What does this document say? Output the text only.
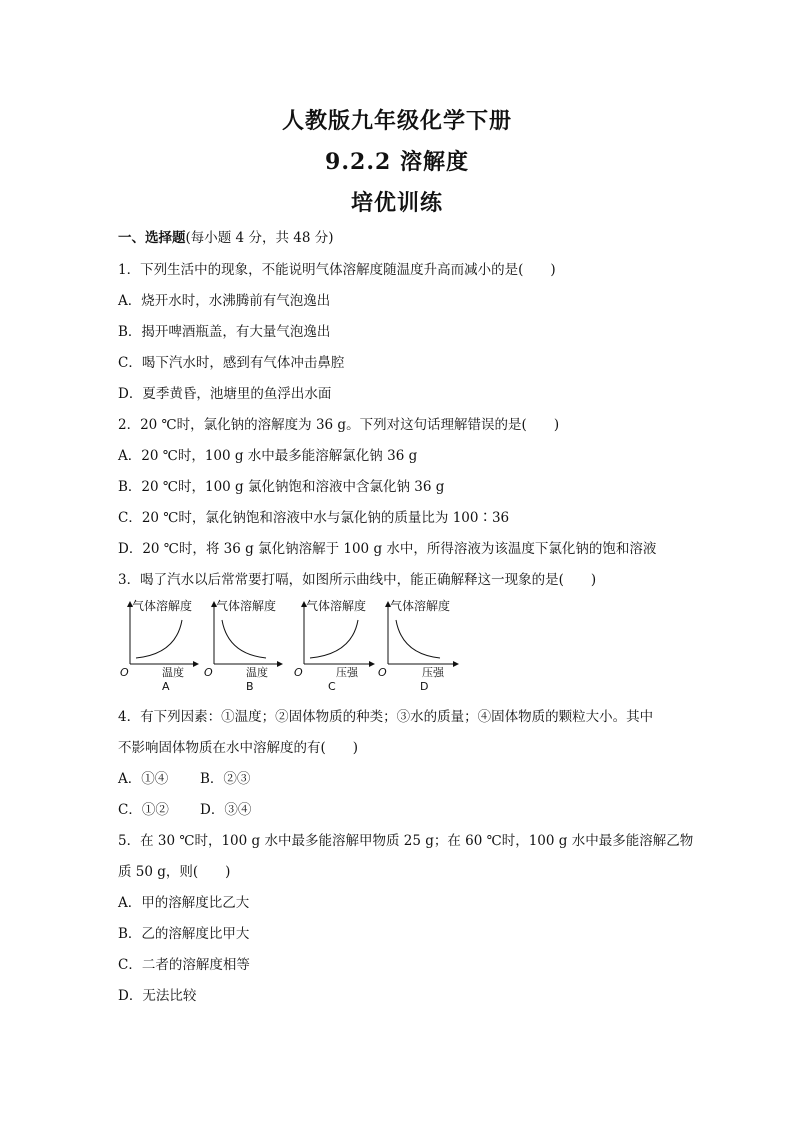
人教版九年级化学下册
9.2.2 溶解度
培优训练
一、选择题(每小题 4 分，共 48 分)
1．下列生活中的现象，不能说明气体溶解度随温度升高而减小的是(　　)
A．烧开水时，水沸腾前有气泡逸出
B．揭开啤酒瓶盖，有大量气泡逸出
C．喝下汽水时，感到有气体冲击鼻腔
D．夏季黄昏，池塘里的鱼浮出水面
2．20 ℃时，氯化钠的溶解度为 36 g。下列对这句话理解错误的是(　　)
A．20 ℃时，100 g 水中最多能溶解氯化钠 36 g
B．20 ℃时，100 g 氯化钠饱和溶液中含氯化钠 36 g
C．20 ℃时，氯化钠饱和溶液中水与氯化钠的质量比为 100∶36
D．20 ℃时，将 36 g 氯化钠溶解于 100 g 水中，所得溶液为该温度下氯化钠的饱和溶液
3．喝了汽水以后常常要打嗝，如图所示曲线中，能正确解释这一现象的是(　　)
气体溶解度
O	温度
A
气体溶解度
O	温度
B
气体溶解度
O	压强
C
气体溶解度
O	压强
D
4．有下列因素：①温度；②固体物质的种类；③水的质量；④固体物质的颗粒大小。其中
不影响固体物质在水中溶解度的有(　　)
A．①④ B．②③
C．①② D．③④
5．在 30 ℃时，100 g 水中最多能溶解甲物质 25 g；在 60 ℃时，100 g 水中最多能溶解乙物
质 50 g，则(　　)
A．甲的溶解度比乙大
B．乙的溶解度比甲大
C．二者的溶解度相等
D．无法比较
